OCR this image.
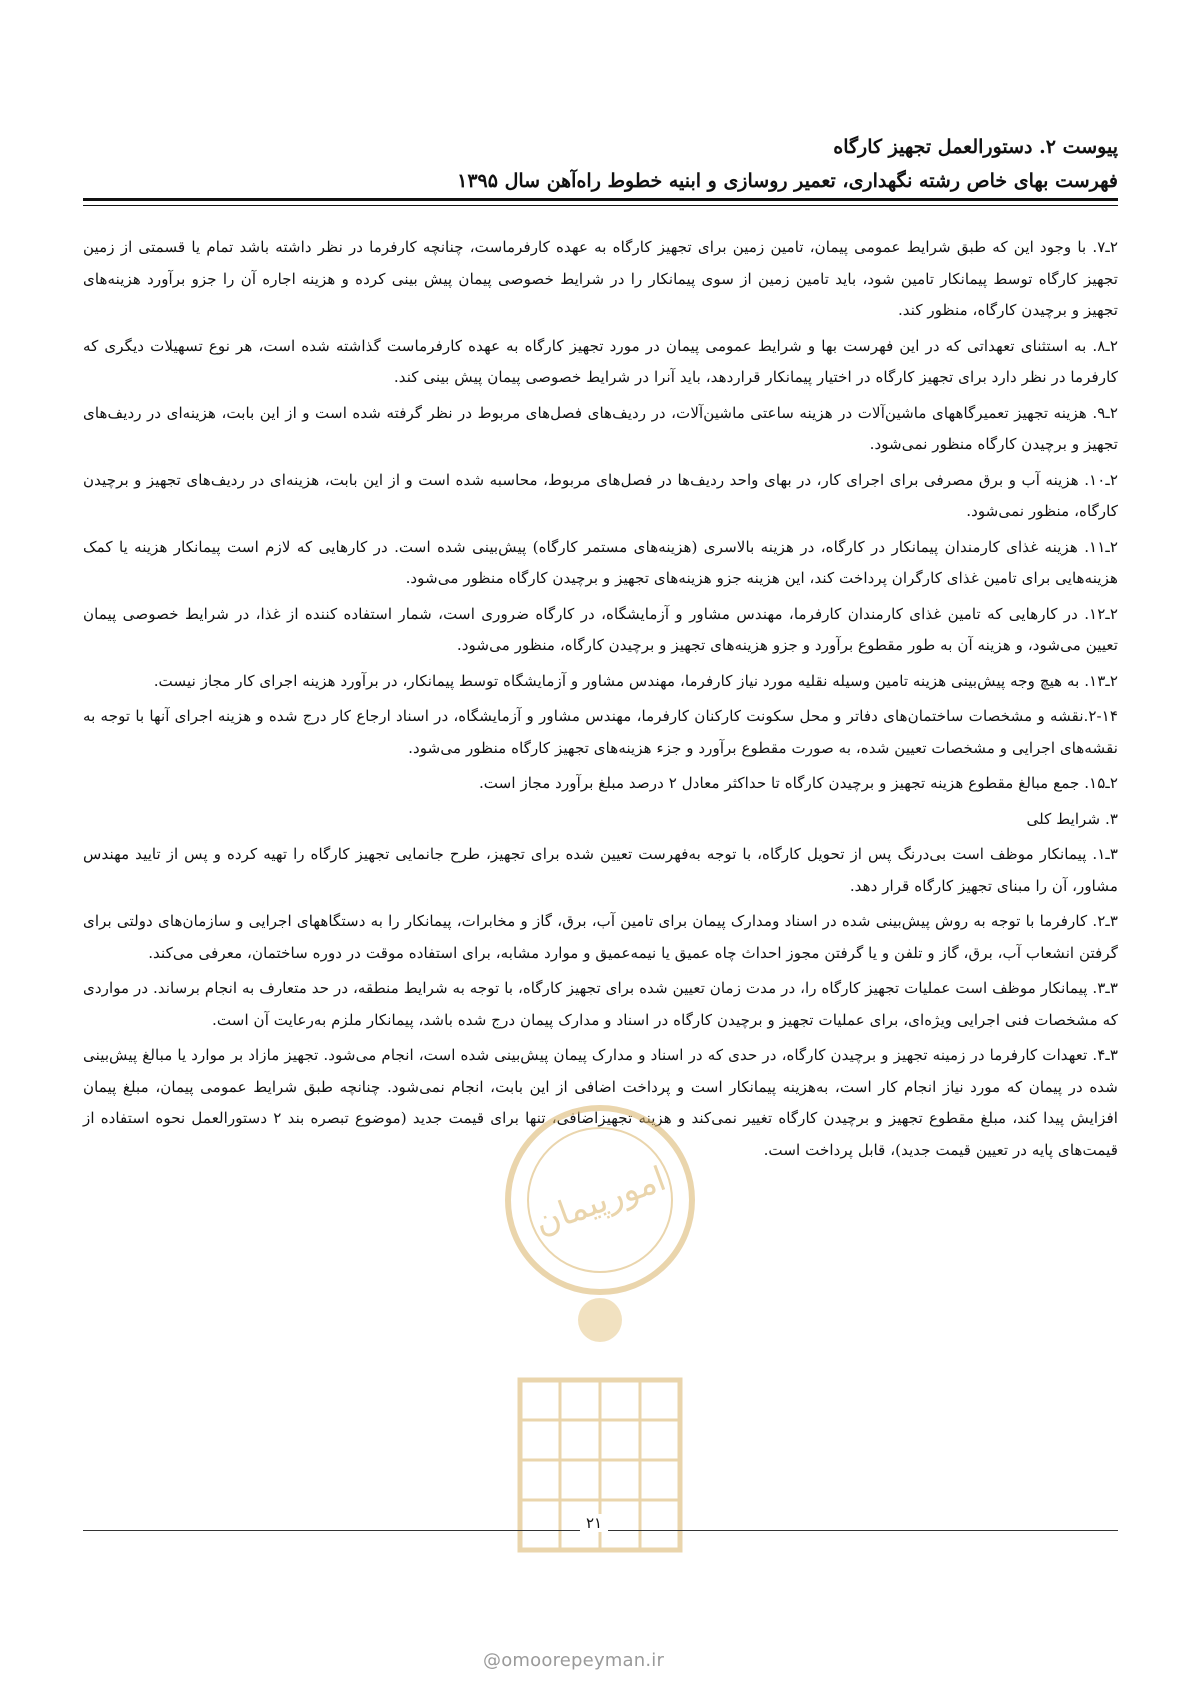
پیوست ۲. دستورالعمل تجهیز کارگاه
فهرست بهای خاص رشته نگهداری، تعمیر روسازی و ابنیه خطوط راه‌آهن سال ۱۳۹۵

۲ـ۷. با وجود این که طبق شرایط عمومی پیمان، تامین زمین برای تجهیز کارگاه به عهده کارفرماست، چنانچه کارفرما در نظر داشته باشد تمام یا قسمتی از زمین تجهیز کارگاه توسط پیمانکار تامین شود، باید تامین زمین از سوی پیمانکار را در شرایط خصوصی پیمان پیش بینی کرده و هزینه اجاره آن را جزو برآورد هزینه‌های تجهیز و برچیدن کارگاه، منظور کند.

۲ـ۸. به استثنای تعهداتی که در این فهرست بها و شرایط عمومی پیمان در مورد تجهیز کارگاه به عهده کارفرماست گذاشته شده است، هر نوع تسهیلات دیگری که کارفرما در نظر دارد برای تجهیز کارگاه در اختیار پیمانکار قراردهد، باید آنرا در شرایط خصوصی پیمان پیش بینی کند.

۲ـ۹. هزینه تجهیز تعمیرگاههای ماشین‌آلات در هزینه ساعتی ماشین‌آلات، در ردیف‌های فصل‌های مربوط در نظر گرفته شده است و از این بابت، هزینه‌ای در ردیف‌های تجهیز و برچیدن کارگاه منظور نمی‌شود.

۲ـ۱۰. هزینه آب و برق مصرفی برای اجرای کار، در بهای واحد ردیف‌ها در فصل‌های مربوط، محاسبه شده است و از این بابت، هزینه‌ای در ردیف‌های تجهیز و برچیدن کارگاه، منظور نمی‌شود.

۲ـ۱۱. هزینه غذای کارمندان پیمانکار در کارگاه، در هزینه بالاسری (هزینه‌های مستمر کارگاه) پیش‌بینی شده است. در کارهایی که لازم است پیمانکار هزینه یا کمک هزینه‌هایی برای تامین غذای کارگران پرداخت کند، این هزینه جزو هزینه‌های تجهیز و برچیدن کارگاه منظور می‌شود.

۲ـ۱۲. در کارهایی که تامین غذای کارمندان کارفرما، مهندس مشاور و آزمایشگاه، در کارگاه ضروری است، شمار استفاده کننده از غذا، در شرایط خصوصی پیمان تعیین می‌شود، و هزینه آن به طور مقطوع برآورد و جزو هزینه‌های تجهیز و برچیدن کارگاه، منظور می‌شود.

۲ـ۱۳. به هیچ وجه پیش‌بینی هزینه تامین وسیله نقلیه مورد نیاز کارفرما، مهندس مشاور و آزمایشگاه توسط پیمانکار، در برآورد هزینه اجرای کار مجاز نیست.

۲-۱۴.نقشه و مشخصات ساختمان‌های دفاتر و محل سکونت کارکنان کارفرما، مهندس مشاور و آزمایشگاه، در اسناد ارجاع کار درج شده و هزینه اجرای آنها با توجه به نقشه‌های اجرایی و مشخصات تعیین شده، به صورت مقطوع برآورد و جزء هزینه‌های تجهیز کارگاه منظور می‌شود.

۲ـ۱۵. جمع مبالغ مقطوع هزینه تجهیز و برچیدن کارگاه تا حداکثر معادل ۲ درصد مبلغ برآورد مجاز است.

۳. شرایط کلی

۳ـ۱. پیمانکار موظف است بی‌درنگ پس از تحویل کارگاه، با توجه به‌فهرست تعیین شده برای تجهیز، طرح جانمایی تجهیز کارگاه را تهیه کرده و پس از تایید مهندس مشاور، آن را مبنای تجهیز کارگاه قرار دهد.

۳ـ۲. کارفرما با توجه به روش پیش‌بینی شده در اسناد ومدارک پیمان برای تامین آب، برق، گاز و مخابرات، پیمانکار را به دستگاههای اجرایی و سازمان‌های دولتی برای گرفتن انشعاب آب، برق، گاز و تلفن و یا گرفتن مجوز احداث چاه عمیق یا نیمه‌عمیق و موارد مشابه، برای استفاده موقت در دوره ساختمان، معرفی می‌کند.

۳ـ۳. پیمانکار موظف است عملیات تجهیز کارگاه را، در مدت زمان تعیین شده برای تجهیز کارگاه، با توجه به شرایط منطقه، در حد متعارف به انجام برساند. در مواردی که مشخصات فنی اجرایی ویژه‌ای، برای عملیات تجهیز و برچیدن کارگاه در اسناد و مدارک پیمان درج شده باشد، پیمانکار ملزم به‌رعایت آن است.

۳ـ۴. تعهدات کارفرما در زمینه تجهیز و برچیدن کارگاه، در حدی که در اسناد و مدارک پیمان پیش‌بینی شده است، انجام می‌شود. تجهیز مازاد بر موارد یا مبالغ پیش‌بینی شده در پیمان که مورد نیاز انجام کار است، به‌هزینه پیمانکار است و پرداخت اضافی از این بابت، انجام نمی‌شود. چنانچه طبق شرایط عمومی پیمان، مبلغ پیمان افزایش پیدا کند، مبلغ مقطوع تجهیز و برچیدن کارگاه تغییر نمی‌کند و هزینه تجهیزاضافی، تنها برای قیمت جدید (موضوع تبصره بند ۲ دستورالعمل نحوه استفاده از قیمت‌های پایه در تعیین قیمت جدید)، قابل پرداخت است.

امورپیمان
۲۱
@omoorepeyman.ir
